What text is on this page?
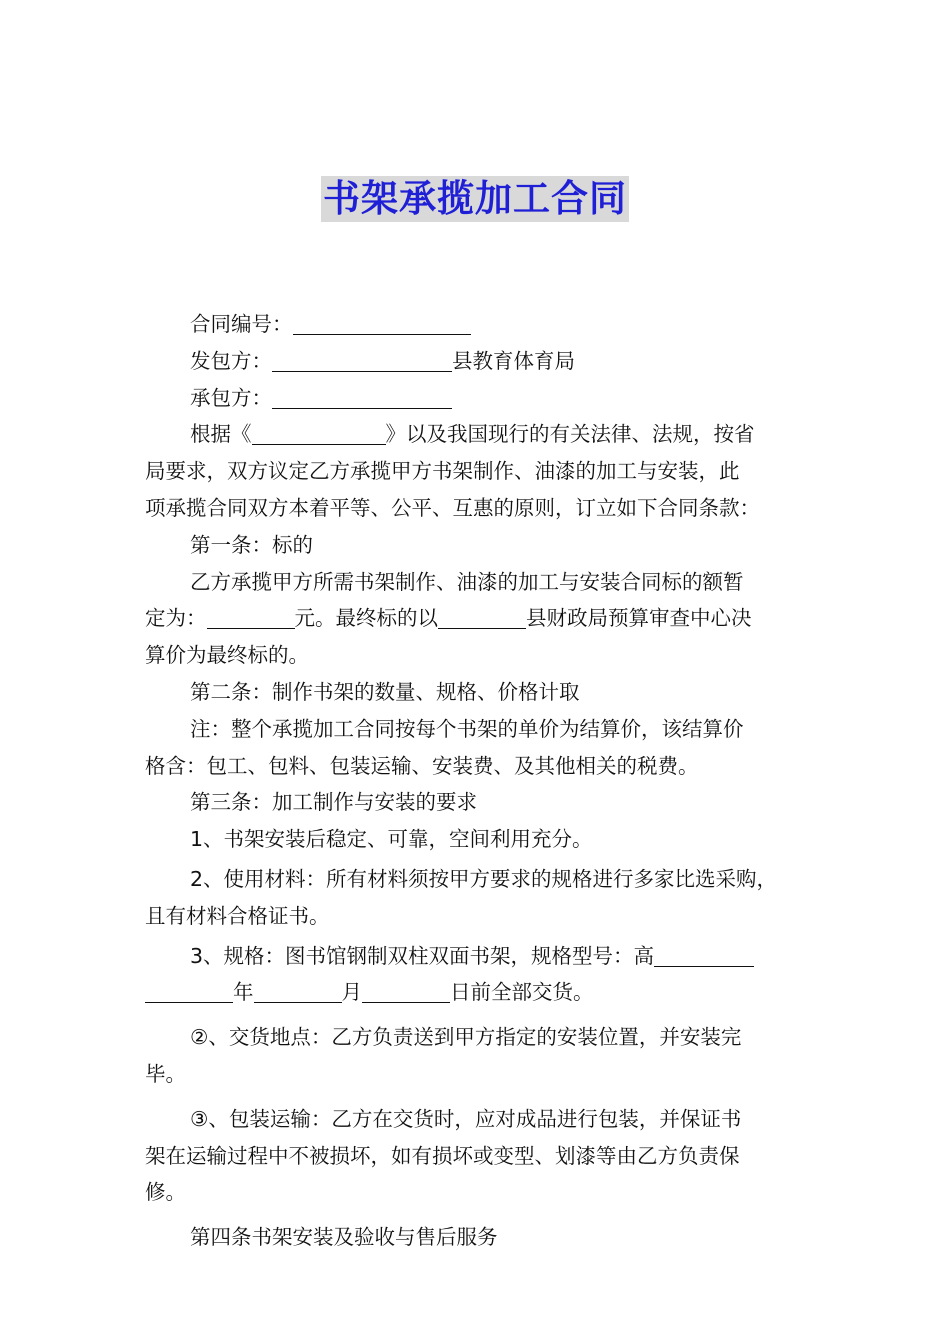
书架承揽加工合同
合同编号：
发包方：	县教育体育局
承包方：
根据《	》以及我国现行的有关法律、法规，按省
局要求，双方议定乙方承揽甲方书架制作、油漆的加工与安装，此
项承揽合同双方本着平等、公平、互惠的原则，订立如下合同条款：
第一条：标的
乙方承揽甲方所需书架制作、油漆的加工与安装合同标的额暂
定为：	元。最终标的以	县财政局预算审查中心决
算价为最终标的。
第二条：制作书架的数量、规格、价格计取
注：整个承揽加工合同按每个书架的单价为结算价，该结算价
格含：包工、包料、包装运输、安装费、及其他相关的税费。
第三条：加工制作与安装的要求
1、书架安装后稳定、可靠，空间利用充分。
2、使用材料：所有材料须按甲方要求的规格进行多家比选采购，
且有材料合格证书。
3、规格：图书馆钢制双柱双面书架，规格型号：高
年	月	日前全部交货。
②、交货地点：乙方负责送到甲方指定的安装位置，并安装完
毕。
③、包装运输：乙方在交货时，应对成品进行包装，并保证书
架在运输过程中不被损坏，如有损坏或变型、划漆等由乙方负责保
修。
第四条书架安装及验收与售后服务
